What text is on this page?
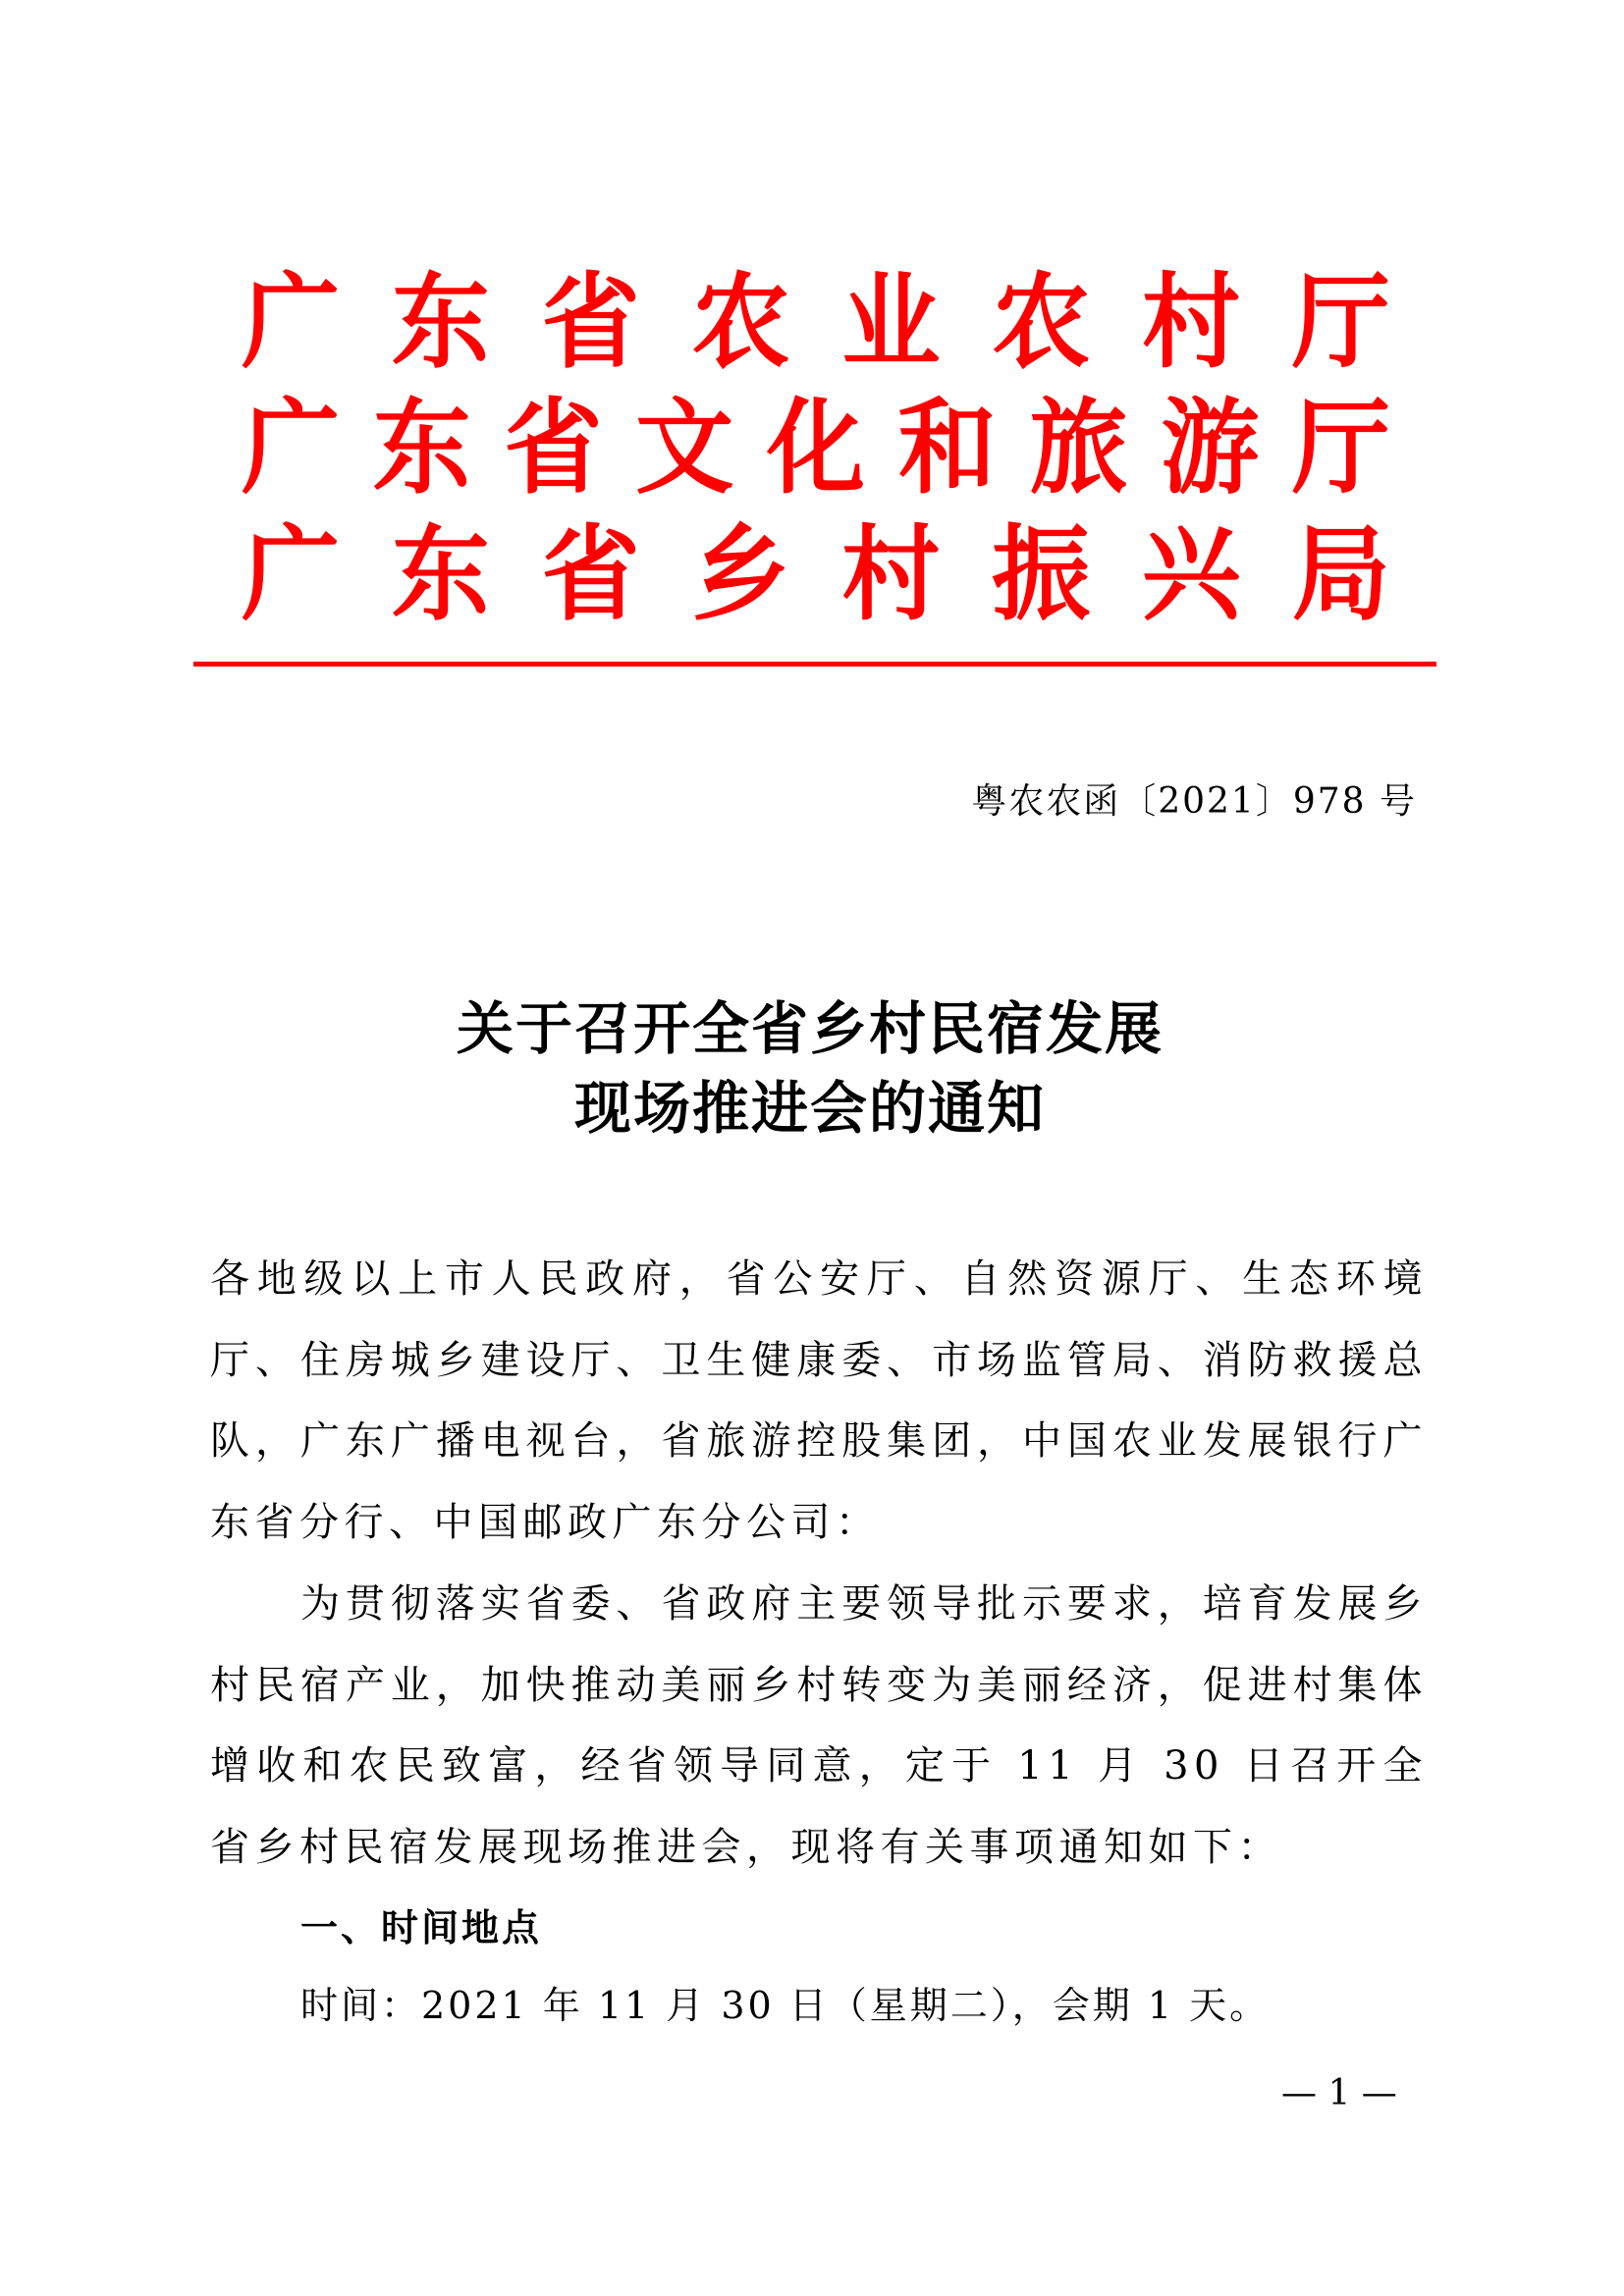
广 东 省 农 业 农 村 厅
广 东 省 文 化 和 旅 游 厅
广 东 省 乡 村 振 兴 局
粤农农函〔2021〕978 号
关于召开全省乡村民宿发展
现场推进会的通知
各地级以上市人民政府，省公安厅、自然资源厅、生态环境厅、住房城乡建设厅、卫生健康委、市场监管局、消防救援总队，广东广播电视台，省旅游控股集团，中国农业发展银行广东省分行、中国邮政广东分公司：
为贯彻落实省委、省政府主要领导批示要求，培育发展乡村民宿产业，加快推动美丽乡村转变为美丽经济，促进村集体增收和农民致富，经省领导同意，定于 11 月 30 日召开全省乡村民宿发展现场推进会，现将有关事项通知如下：
一、时间地点
时间：2021 年 11 月 30 日（星期二），会期 1 天。
— 1 —
